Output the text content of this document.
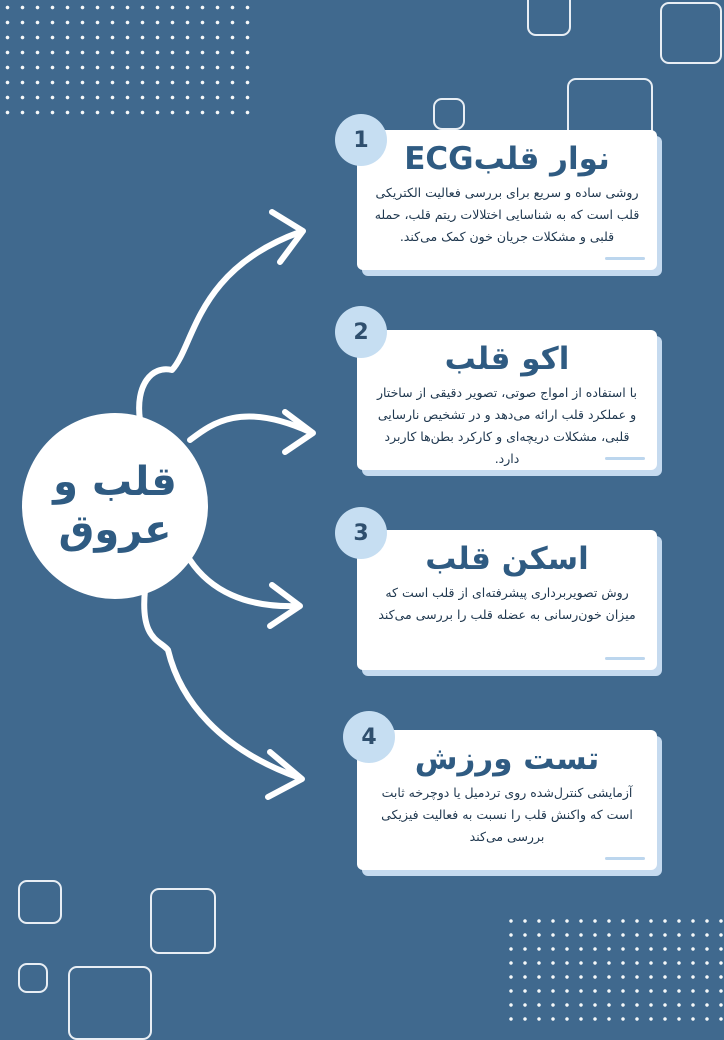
قلب و
عروق
نوار قلبECG
روشی ساده و سریع برای بررسی فعالیت الکتریکی قلب است که به شناسایی اختلالات ریتم قلب، حمله قلبی و مشکلات جریان خون کمک می‌کند.
1
اکو قلب
با استفاده از امواج صوتی، تصویر دقیقی از ساختار و عملکرد قلب ارائه می‌دهد و در تشخیص نارسایی قلبی، مشکلات دریچه‌ای و کارکرد بطن‌ها کاربرد دارد.
2
اسکن قلب
روش تصویربرداری پیشرفته‌ای از قلب است که میزان خون‌رسانی به عضله قلب را بررسی می‌کند
3
تست ورزش
آزمایشی کنترل‌شده روی تردمیل یا دوچرخه ثابت است که واکنش قلب را نسبت به فعالیت فیزیکی بررسی می‌کند
4
